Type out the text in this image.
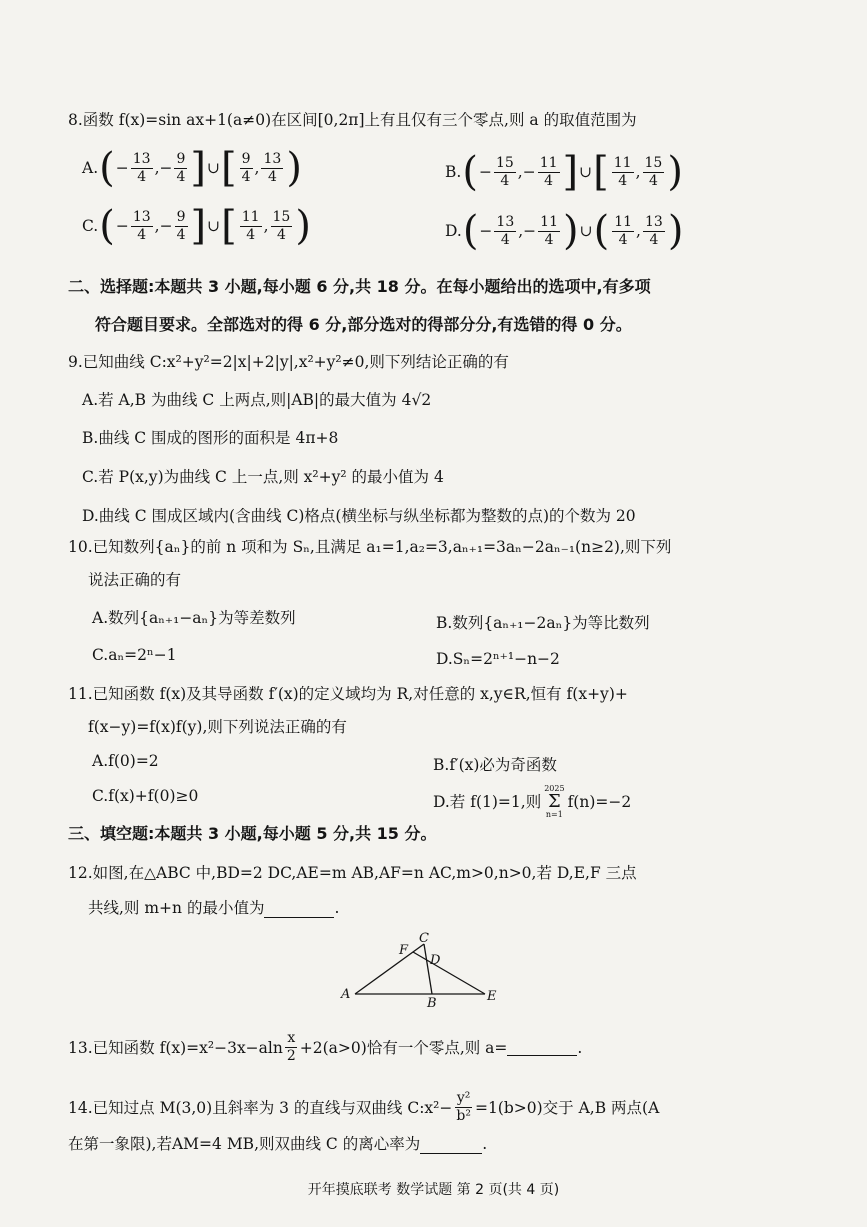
8.函数 f(x)=sin ax+1(a≠0)在区间[0,2π]上有且仅有三个零点,则 a 的取值范围为
A. ( − $\frac{13}{4}$ ,− $\frac{9}{4}$ ] ∪ [ $\frac{9}{4}$ , $\frac{13}{4}$ )	B. ( − $\frac{15}{4}$ ,− $\frac{11}{4}$ ] ∪ [ $\frac{11}{4}$ , $\frac{15}{4}$ )
C. ( − $\frac{13}{4}$ ,− $\frac{9}{4}$ ] ∪ [ $\frac{11}{4}$ , $\frac{15}{4}$ )	D. ( − $\frac{13}{4}$ ,− $\frac{11}{4}$ ) ∪ ( $\frac{11}{4}$ , $\frac{13}{4}$ )
二、选择题:本题共 3 小题,每小题 6 分,共 18 分。在每小题给出的选项中,有多项
符合题目要求。全部选对的得 6 分,部分选对的得部分分,有选错的得 0 分。
9.已知曲线 C:x²+y²=2|x|+2|y|,x²+y²≠0,则下列结论正确的有
A.若 A,B 为曲线 C 上两点,则|AB|的最大值为 4√2
B.曲线 C 围成的图形的面积是 4π+8
C.若 P(x,y)为曲线 C 上一点,则 x²+y² 的最小值为 4
D.曲线 C 围成区域内(含曲线 C)格点(横坐标与纵坐标都为整数的点)的个数为 20
10.已知数列{aₙ}的前 n 项和为 Sₙ,且满足 a₁=1,a₂=3,aₙ₊₁=3aₙ−2aₙ₋₁(n≥2),则下列
说法正确的有
A.数列{aₙ₊₁−aₙ}为等差数列	B.数列{aₙ₊₁−2aₙ}为等比数列
C.aₙ=2ⁿ−1	D.Sₙ=2ⁿ⁺¹−n−2
11.已知函数 f(x)及其导函数 f′(x)的定义域均为 R,对任意的 x,y∈R,恒有 f(x+y)+
f(x−y)=f(x)f(y),则下列说法正确的有
A.f(0)=2	B.f′(x)必为奇函数
C.f(x)+f(0)≥0	D.若 f(1)=1,则
2025
Σ
n=1
f(n)=−2
三、填空题:本题共 3 小题,每小题 5 分,共 15 分。
12.如图,在△ABC 中,BD=2 DC,AE=m AB,AF=n AC,m>0,n>0,若 D,E,F 三点
共线,则 m+n 的最小值为	.
A
B
C
D
E
F
13.已知函数 $f(x)=x^2-3x-aln \frac{x}{2} +2(a>0)$恰有一个零点,则 a=	.
14.已知过点 M(3,0)且斜率为 3 的直线与双曲线 C:x²− $\frac{\text{y²}}{\text{b²}} =1(b>0)$交于 A,B 两点(A
在第一象限),若AM=4 MB,则双曲线 C 的离心率为	.
开年摸底联考 数学试题 第 2 页(共 4 页)
